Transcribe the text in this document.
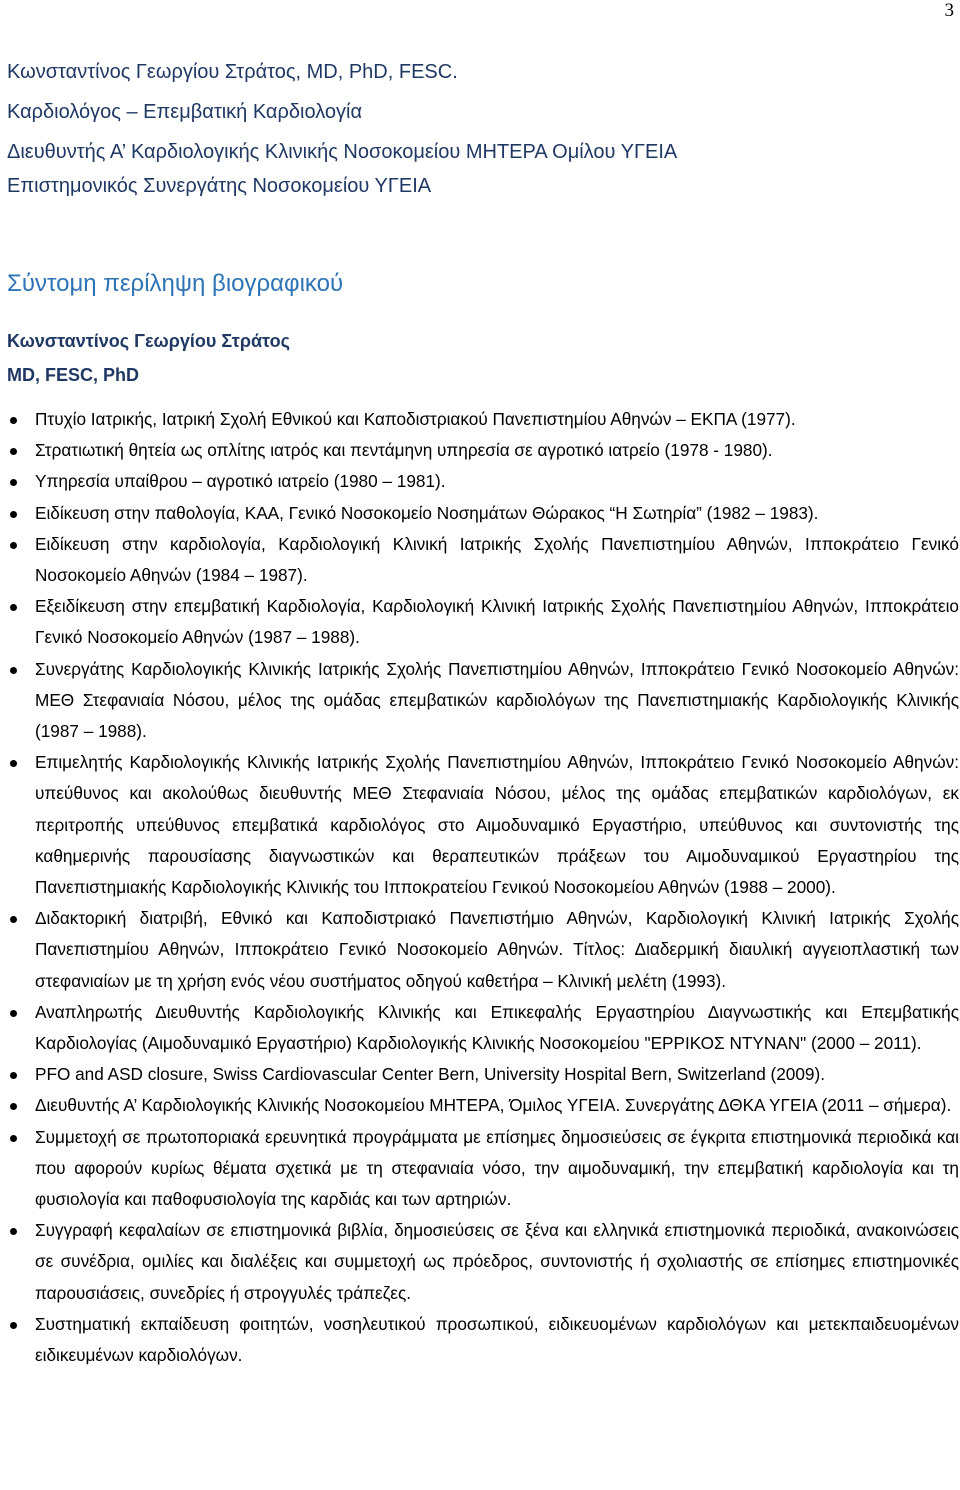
3
Κωνσταντίνος Γεωργίου Στράτος, MD, PhD, FESC.
Καρδιολόγος – Επεμβατική Καρδιολογία
Διευθυντής Α’ Καρδιολογικής Κλινικής Νοσοκομείου ΜΗΤΕΡΑ Ομίλου ΥΓΕΙΑ
Επιστημονικός Συνεργάτης Νοσοκομείου ΥΓΕΙΑ
Σύντομη περίληψη βιογραφικού
Κωνσταντίνος Γεωργίου Στράτος
MD, FESC, PhD
Πτυχίο Ιατρικής, Ιατρική Σχολή Εθνικού και Καποδιστριακού Πανεπιστημίου Αθηνών – ΕΚΠΑ (1977).
Στρατιωτική θητεία ως οπλίτης ιατρός και πεντάμηνη υπηρεσία σε αγροτικό ιατρείο (1978 - 1980).
Υπηρεσία υπαίθρου – αγροτικό ιατρείο (1980 – 1981).
Ειδίκευση στην παθολογία, ΚΑΑ, Γενικό Νοσοκομείο Νοσημάτων Θώρακος “Η Σωτηρία” (1982 – 1983).
Ειδίκευση στην καρδιολογία, Καρδιολογική Κλινική Ιατρικής Σχολής Πανεπιστημίου Αθηνών, Ιπποκράτειο Γενικό Νοσοκομείο Αθηνών (1984 – 1987).
Εξειδίκευση στην επεμβατική Καρδιολογία, Καρδιολογική Κλινική Ιατρικής Σχολής Πανεπιστημίου Αθηνών, Ιπποκράτειο Γενικό Νοσοκομείο Αθηνών (1987 – 1988).
Συνεργάτης Καρδιολογικής Κλινικής Ιατρικής Σχολής Πανεπιστημίου Αθηνών, Ιπποκράτειο Γενικό Νοσοκομείο Αθηνών: ΜΕΘ Στεφανιαία Νόσου, μέλος της ομάδας επεμβατικών καρδιολόγων της Πανεπιστημιακής Καρδιολογικής Κλινικής (1987 – 1988).
Επιμελητής Καρδιολογικής Κλινικής Ιατρικής Σχολής Πανεπιστημίου Αθηνών, Ιπποκράτειο Γενικό Νοσοκομείο Αθηνών: υπεύθυνος και ακολούθως διευθυντής ΜΕΘ Στεφανιαία Νόσου, μέλος της ομάδας επεμβατικών καρδιολόγων, εκ περιτροπής υπεύθυνος επεμβατικά καρδιολόγος στο Αιμοδυναμικό Εργαστήριο, υπεύθυνος και συντονιστής της καθημερινής παρουσίασης διαγνωστικών και θεραπευτικών πράξεων του Αιμοδυναμικού Εργαστηρίου της Πανεπιστημιακής Καρδιολογικής Κλινικής του Ιπποκρατείου Γενικού Νοσοκομείου Αθηνών (1988 – 2000).
Διδακτορική διατριβή, Εθνικό και Καποδιστριακό Πανεπιστήμιο Αθηνών, Καρδιολογική Κλινική Ιατρικής Σχολής Πανεπιστημίου Αθηνών, Ιπποκράτειο Γενικό Νοσοκομείο Αθηνών. Τίτλος: Διαδερμική διαυλική αγγειοπλαστική των στεφανιαίων με τη χρήση ενός νέου συστήματος οδηγού καθετήρα – Κλινική μελέτη (1993).
Αναπληρωτής Διευθυντής Καρδιολογικής Κλινικής και Επικεφαλής Εργαστηρίου Διαγνωστικής και Επεμβατικής Καρδιολογίας (Αιμοδυναμικό Εργαστήριο) Καρδιολογικής Κλινικής Νοσοκομείου "ΕΡΡΙΚΟΣ ΝΤΥΝΑΝ" (2000 – 2011).
PFO and ASD closure, Swiss Cardiovascular Center Bern, University Hospital Bern, Switzerland (2009).
Διευθυντής Α’ Καρδιολογικής Κλινικής Νοσοκομείου ΜΗΤΕΡΑ, Όμιλος ΥΓΕΙΑ. Συνεργάτης ΔΘΚΑ ΥΓΕΙΑ (2011 – σήμερα).
Συμμετοχή σε πρωτοποριακά ερευνητικά προγράμματα με επίσημες δημοσιεύσεις σε έγκριτα επιστημονικά περιοδικά και που αφορούν κυρίως θέματα σχετικά με τη στεφανιαία νόσο, την αιμοδυναμική, την επεμβατική καρδιολογία και τη φυσιολογία και παθοφυσιολογία της καρδιάς και των αρτηριών.
Συγγραφή κεφαλαίων σε επιστημονικά βιβλία, δημοσιεύσεις σε ξένα και ελληνικά επιστημονικά περιοδικά, ανακοινώσεις σε συνέδρια, ομιλίες και διαλέξεις και συμμετοχή ως πρόεδρος, συντονιστής ή σχολιαστής σε επίσημες επιστημονικές παρουσιάσεις, συνεδρίες ή στρογγυλές τράπεζες.
Συστηματική εκπαίδευση φοιτητών, νοσηλευτικού προσωπικού, ειδικευομένων καρδιολόγων και μετεκπαιδευομένων ειδικευμένων καρδιολόγων.
